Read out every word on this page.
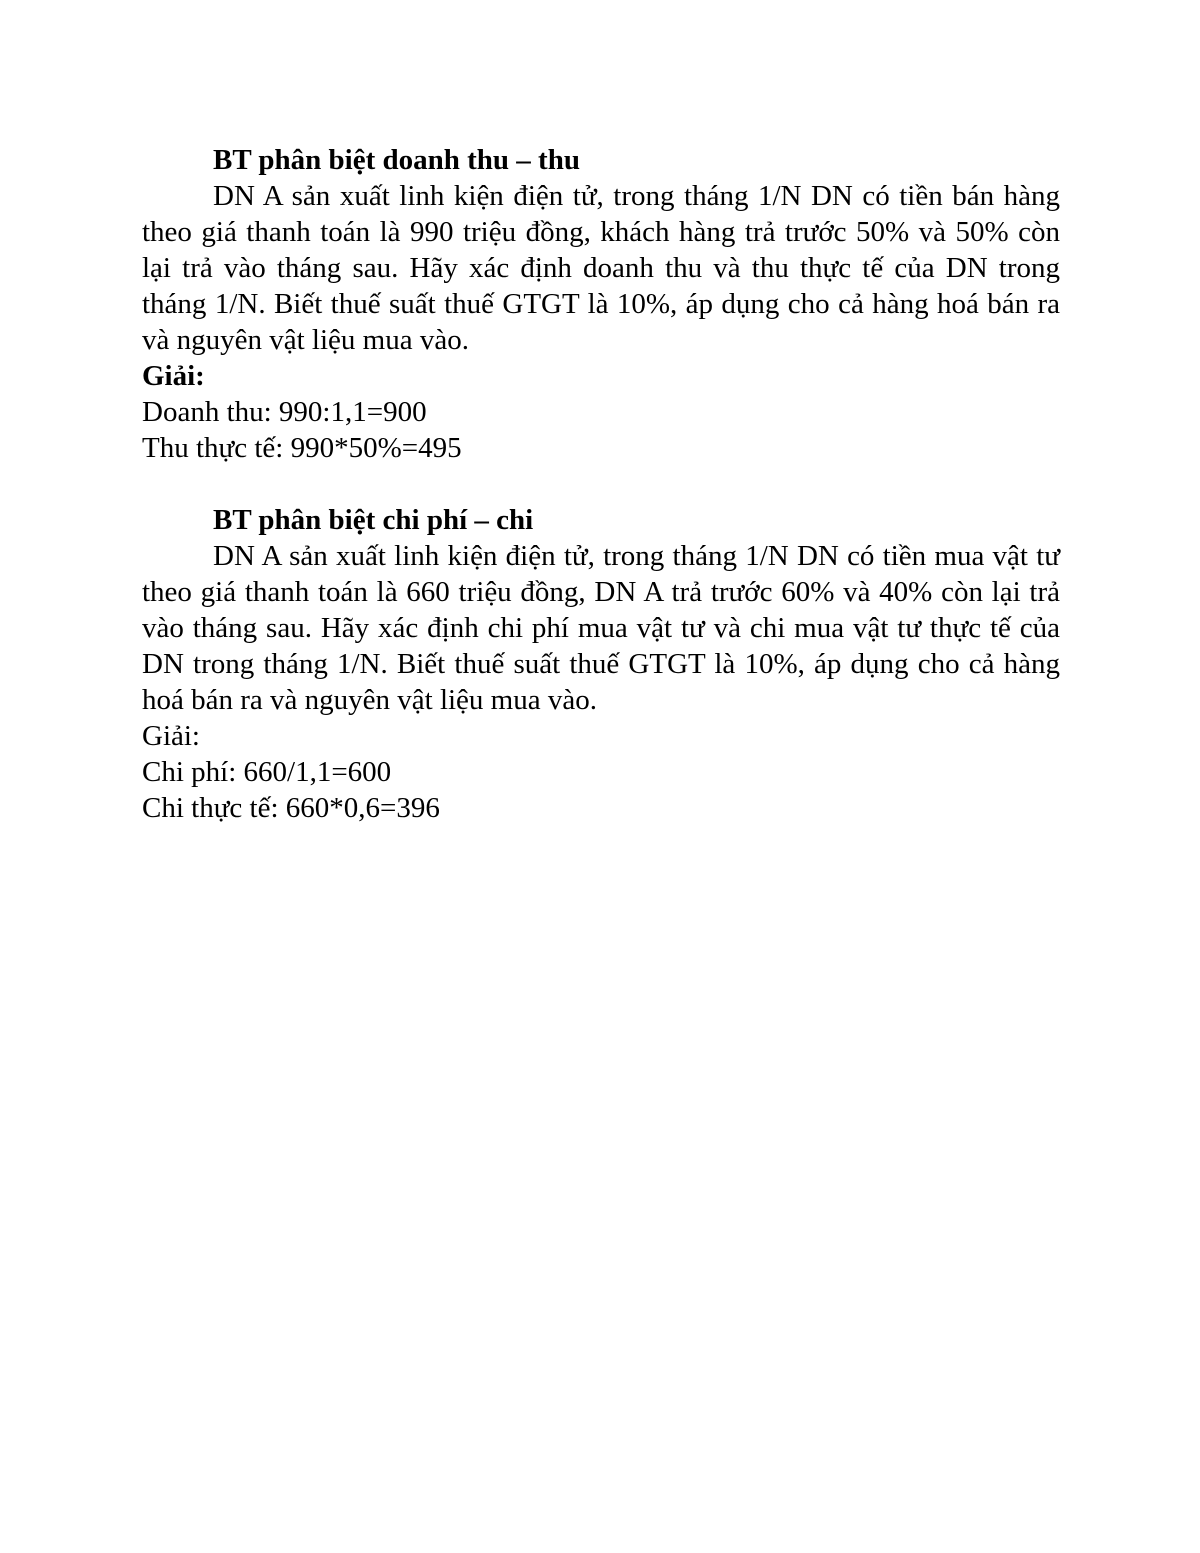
BT phân biệt doanh thu – thu

DN A sản xuất linh kiện điện tử, trong tháng 1/N DN có tiền bán hàng theo giá thanh toán là 990 triệu đồng, khách hàng trả trước 50% và 50% còn lại trả vào tháng sau. Hãy xác định doanh thu và thu thực tế của DN trong tháng 1/N. Biết thuế suất thuế GTGT là 10%, áp dụng cho cả hàng hoá bán ra và nguyên vật liệu mua vào.

Giải:

Doanh thu: 990:1,1=900

Thu thực tế: 990*50%=495

BT phân biệt chi phí – chi

DN A sản xuất linh kiện điện tử, trong tháng 1/N DN có tiền mua vật tư theo giá thanh toán là 660 triệu đồng, DN A trả trước 60% và 40% còn lại trả vào tháng sau. Hãy xác định chi phí mua vật tư và chi mua vật tư thực tế của DN trong tháng 1/N. Biết thuế suất thuế GTGT là 10%, áp dụng cho cả hàng hoá bán ra và nguyên vật liệu mua vào.

Giải:

Chi phí: 660/1,1=600

Chi thực tế: 660*0,6=396
